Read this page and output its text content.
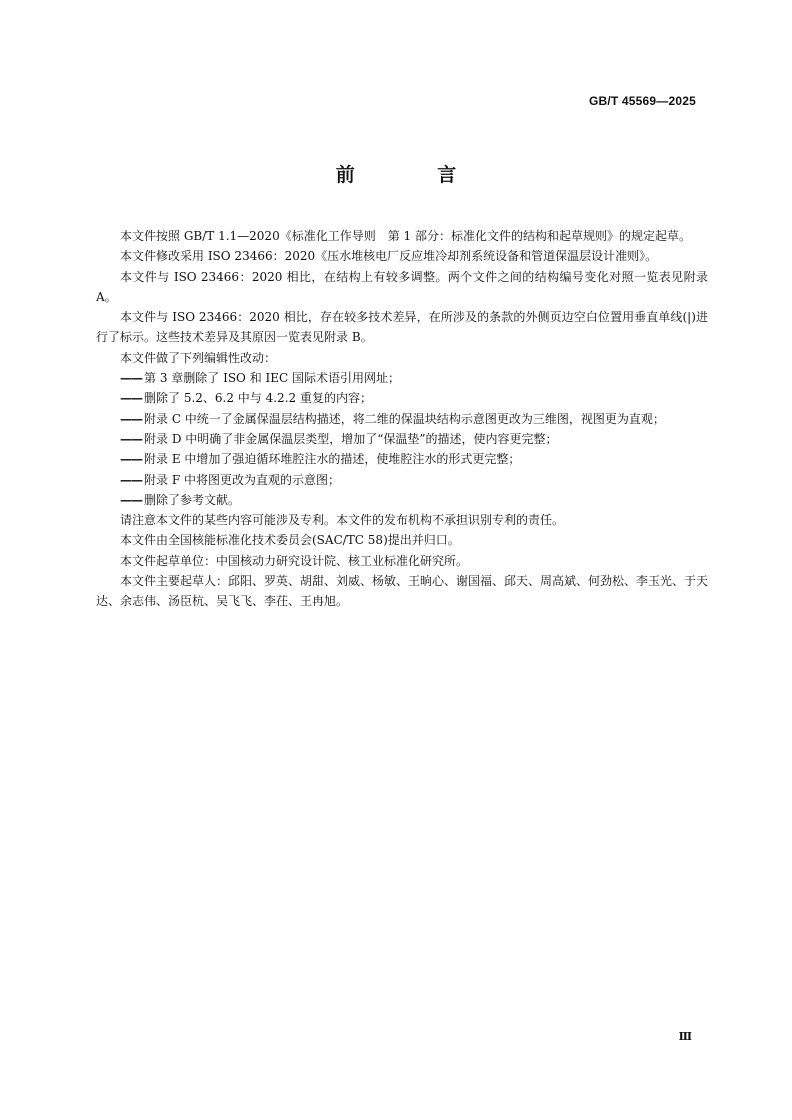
GB/T 45569—2025

前 言

本文件按照 GB/T 1.1—2020《标准化工作导则　第 1 部分：标准化文件的结构和起草规则》的规定起草。

本文件修改采用 ISO 23466：2020《压水堆核电厂反应堆冷却剂系统设备和管道保温层设计准则》。

本文件与 ISO 23466：2020 相比，在结构上有较多调整。两个文件之间的结构编号变化对照一览表见附录 A。

本文件与 ISO 23466：2020 相比，存在较多技术差异，在所涉及的条款的外侧页边空白位置用垂直单线(|)进行了标示。这些技术差异及其原因一览表见附录 B。

本文件做了下列编辑性改动：

—— 第 3 章删除了 ISO 和 IEC 国际术语引用网址；

—— 删除了 5.2、6.2 中与 4.2.2 重复的内容；

—— 附录 C 中统一了金属保温层结构描述，将二维的保温块结构示意图更改为三维图，视图更为直观；

—— 附录 D 中明确了非金属保温层类型，增加了“保温垫”的描述，使内容更完整；

—— 附录 E 中增加了强迫循环堆腔注水的描述，使堆腔注水的形式更完整；

—— 附录 F 中将图更改为直观的示意图；

—— 删除了参考文献。

请注意本文件的某些内容可能涉及专利。本文件的发布机构不承担识别专利的责任。

本文件由全国核能标准化技术委员会(SAC/TC 58)提出并归口。

本文件起草单位：中国核动力研究设计院、核工业标准化研究所。

本文件主要起草人：邱阳、罗英、胡甜、刘威、杨敏、王晌心、谢国福、邱天、周高斌、何劲松、李玉光、于天达、余志伟、汤臣杭、吴飞飞、李茌、王冉旭。

Ⅲ
